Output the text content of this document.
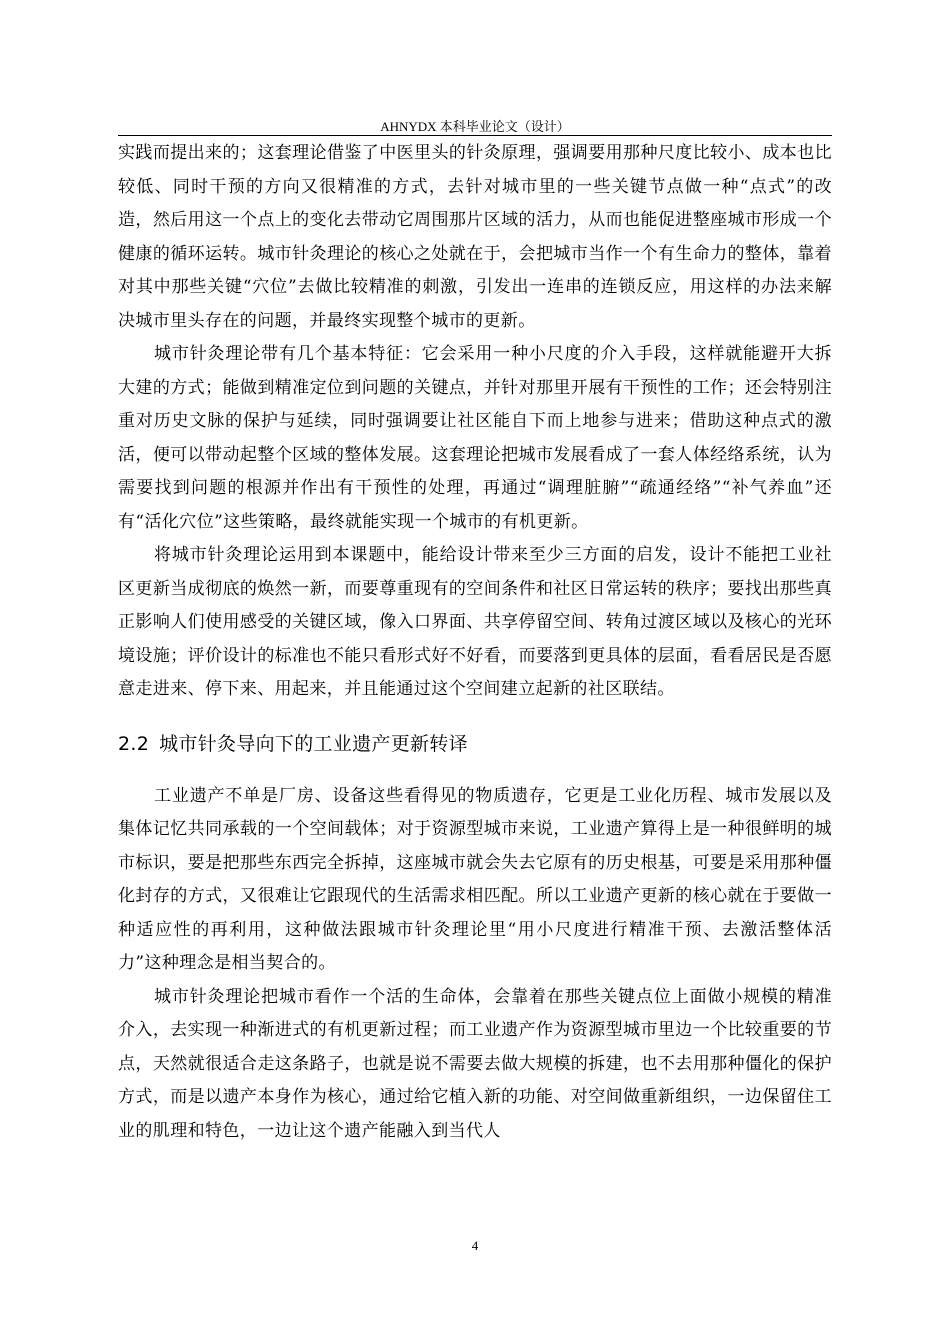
AHNYDX 本科毕业论文（设计）

实践而提出来的；这套理论借鉴了中医里头的针灸原理，强调要用那种尺度比较小、成本也比较低、同时干预的方向又很精准的方式，去针对城市里的一些关键节点做一种“点式”的改造，然后用这一个点上的变化去带动它周围那片区域的活力，从而也能促进整座城市形成一个健康的循环运转。城市针灸理论的核心之处就在于，会把城市当作一个有生命力的整体，靠着对其中那些关键“穴位”去做比较精准的刺激，引发出一连串的连锁反应，用这样的办法来解决城市里头存在的问题，并最终实现整个城市的更新。

城市针灸理论带有几个基本特征：它会采用一种小尺度的介入手段，这样就能避开大拆大建的方式；能做到精准定位到问题的关键点，并针对那里开展有干预性的工作；还会特别注重对历史文脉的保护与延续，同时强调要让社区能自下而上地参与进来；借助这种点式的激活，便可以带动起整个区域的整体发展。这套理论把城市发展看成了一套人体经络系统，认为需要找到问题的根源并作出有干预性的处理，再通过“调理脏腑”“疏通经络”“补气养血”还有“活化穴位”这些策略，最终就能实现一个城市的有机更新。

将城市针灸理论运用到本课题中，能给设计带来至少三方面的启发，设计不能把工业社区更新当成彻底的焕然一新，而要尊重现有的空间条件和社区日常运转的秩序；要找出那些真正影响人们使用感受的关键区域，像入口界面、共享停留空间、转角过渡区域以及核心的光环境设施；评价设计的标准也不能只看形式好不好看，而要落到更具体的层面，看看居民是否愿意走进来、停下来、用起来，并且能通过这个空间建立起新的社区联结。

2.2 城市针灸导向下的工业遗产更新转译

工业遗产不单是厂房、设备这些看得见的物质遗存，它更是工业化历程、城市发展以及集体记忆共同承载的一个空间载体；对于资源型城市来说，工业遗产算得上是一种很鲜明的城市标识，要是把那些东西完全拆掉，这座城市就会失去它原有的历史根基，可要是采用那种僵化封存的方式，又很难让它跟现代的生活需求相匹配。所以工业遗产更新的核心就在于要做一种适应性的再利用，这种做法跟城市针灸理论里“用小尺度进行精准干预、去激活整体活力”这种理念是相当契合的。

城市针灸理论把城市看作一个活的生命体，会靠着在那些关键点位上面做小规模的精准介入，去实现一种渐进式的有机更新过程；而工业遗产作为资源型城市里边一个比较重要的节点，天然就很适合走这条路子，也就是说不需要去做大规模的拆建，也不去用那种僵化的保护方式，而是以遗产本身作为核心，通过给它植入新的功能、对空间做重新组织，一边保留住工业的肌理和特色，一边让这个遗产能融入到当代人

4
